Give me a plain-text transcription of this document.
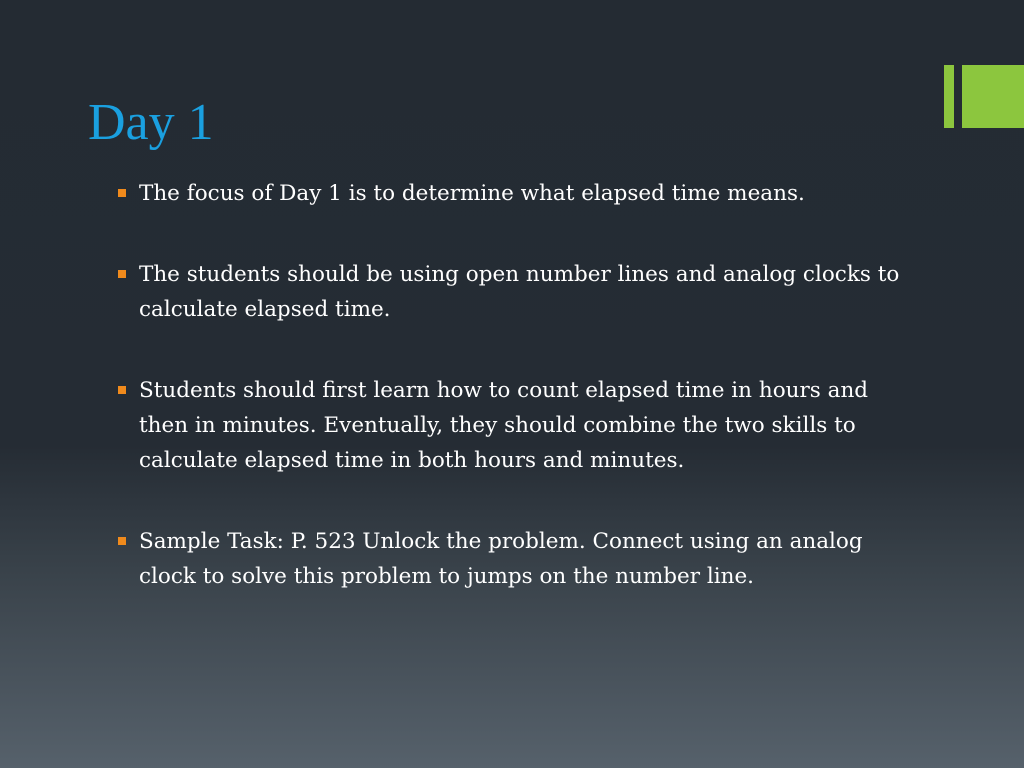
Day 1
The focus of Day 1 is to determine what elapsed time means.
The students should be using open number lines and analog clocks to calculate elapsed time.
Students should first learn how to count elapsed time in hours and then in minutes. Eventually, they should combine the two skills to calculate elapsed time in both hours and minutes.
Sample Task: P. 523 Unlock the problem. Connect using an analog clock to solve this problem to jumps on the number line.
